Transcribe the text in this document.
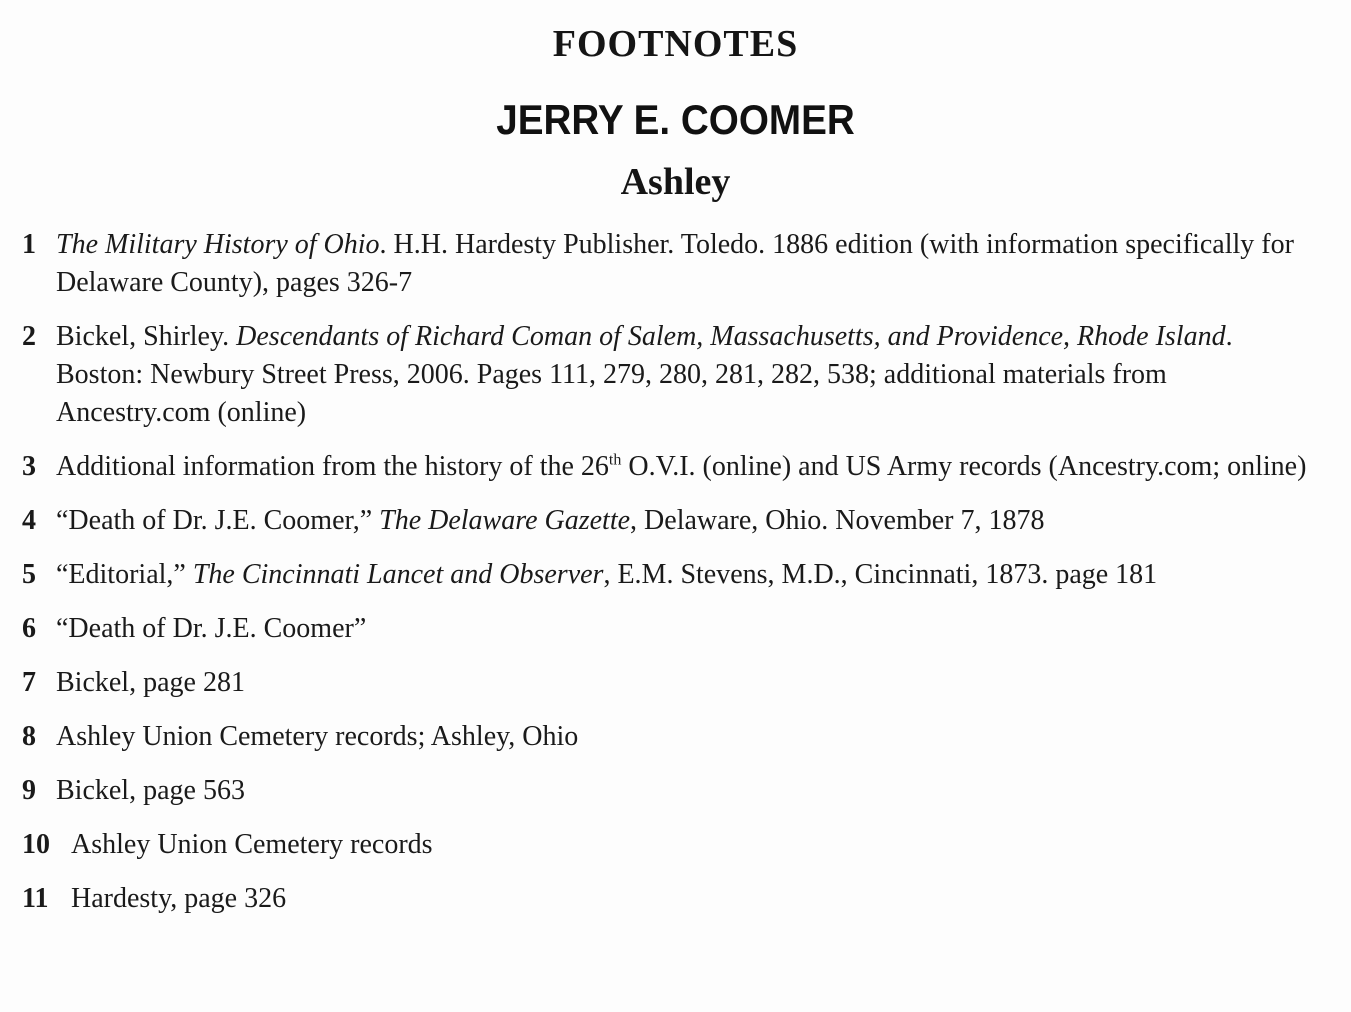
FOOTNOTES
JERRY E. COOMER
Ashley
1 The Military History of Ohio. H.H. Hardesty Publisher. Toledo. 1886 edition (with information specifically for Delaware County), pages 326-7
2 Bickel, Shirley. Descendants of Richard Coman of Salem, Massachusetts, and Providence, Rhode Island. Boston: Newbury Street Press, 2006. Pages 111, 279, 280, 281, 282, 538; additional materials from Ancestry.com (online)
3 Additional information from the history of the 26th O.V.I. (online) and US Army records (Ancestry.com; online)
4 “Death of Dr. J.E. Coomer,” The Delaware Gazette, Delaware, Ohio. November 7, 1878
5 “Editorial,” The Cincinnati Lancet and Observer, E.M. Stevens, M.D., Cincinnati, 1873. page 181
6 “Death of Dr. J.E. Coomer”
7 Bickel, page 281
8 Ashley Union Cemetery records; Ashley, Ohio
9 Bickel, page 563
10 Ashley Union Cemetery records
11 Hardesty, page 326
